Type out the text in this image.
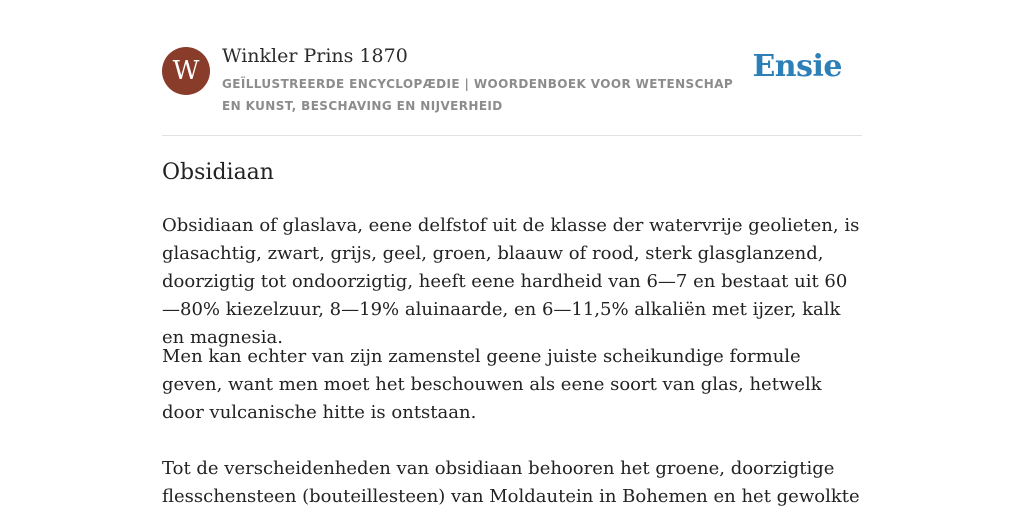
W	Winkler Prins 1870
GEÏLLUSTREERDE ENCYCLOPÆDIE | WOORDENBOEK VOOR WETENSCHAP EN KUNST, BESCHAVING EN NIJVERHEID
Ensie
Obsidiaan

Obsidiaan of glaslava, eene delfstof uit de klasse der watervrije geolieten, is glasachtig, zwart, grijs, geel, groen, blaauw of rood, sterk glasglanzend, doorzigtig tot ondoorzigtig, heeft eene hardheid van 6—7 en bestaat uit 60—80% kiezelzuur, 8—19% aluinaarde, en 6—11,5% alkaliën met ijzer, kalk en magnesia.

Men kan echter van zijn zamenstel geene juiste scheikundige formule geven, want men moet het beschouwen als eene soort van glas, hetwelk door vulcanische hitte is ontstaan.

Tot de verscheidenheden van obsidiaan behooren het groene, doorzigtige flesschensteen (bouteillesteen) van Moldautein in Bohemen en het gewolkte
